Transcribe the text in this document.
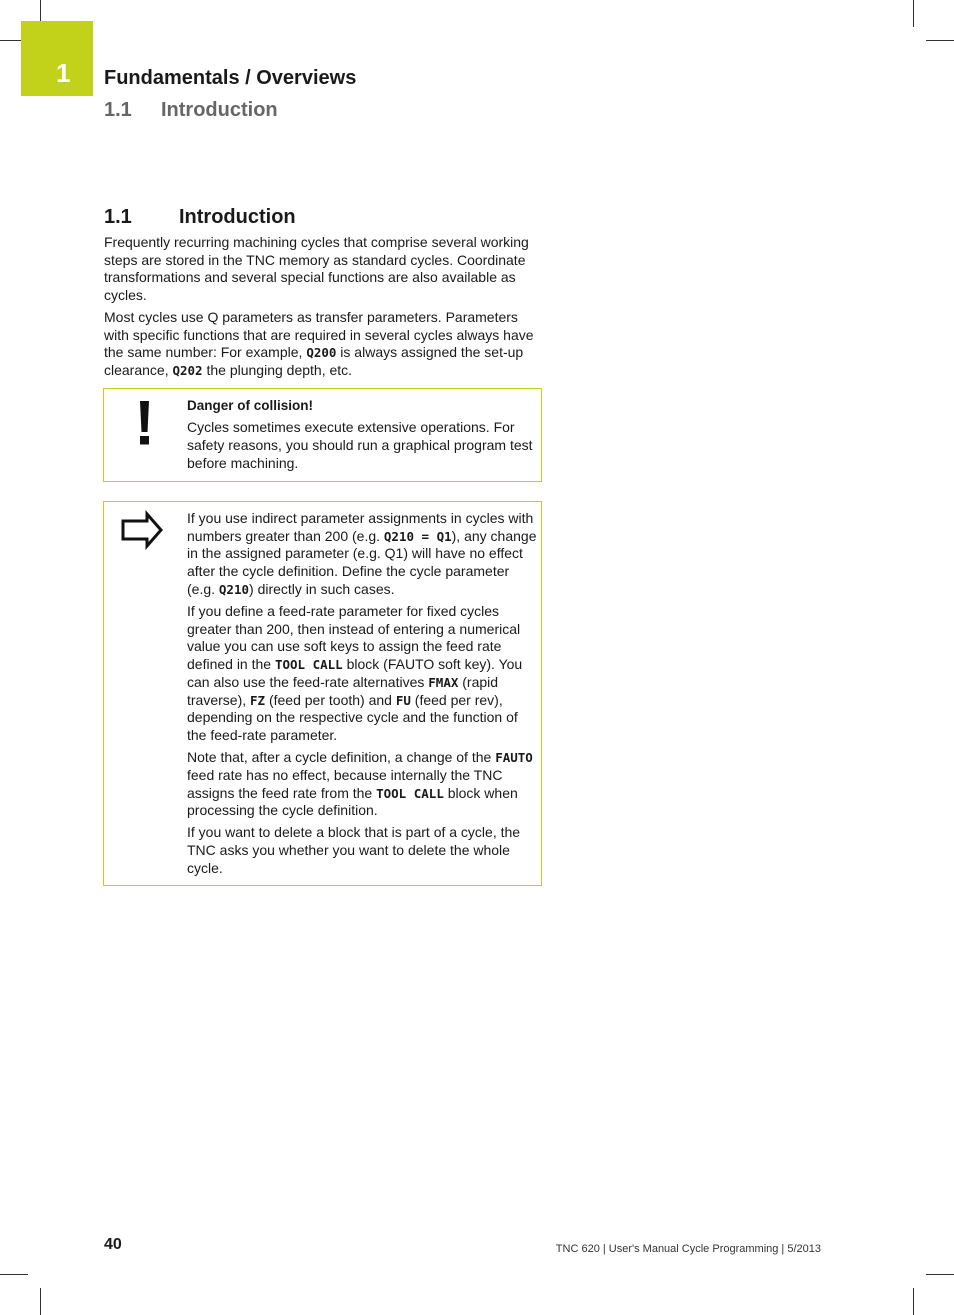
1 Fundamentals / Overviews
1.1 Introduction
1.1 Introduction

Frequently recurring machining cycles that comprise several working steps are stored in the TNC memory as standard cycles. Coordinate transformations and several special functions are also available as cycles.

Most cycles use Q parameters as transfer parameters. Parameters with specific functions that are required in several cycles always have the same number: For example, Q200 is always assigned the set-up clearance, Q202 the plunging depth, etc.

Danger of collision!

Cycles sometimes execute extensive operations. For safety reasons, you should run a graphical program test before machining.

If you use indirect parameter assignments in cycles with numbers greater than 200 (e.g. Q210 = Q1), any change in the assigned parameter (e.g. Q1) will have no effect after the cycle definition. Define the cycle parameter (e.g. Q210) directly in such cases.

If you define a feed-rate parameter for fixed cycles greater than 200, then instead of entering a numerical value you can use soft keys to assign the feed rate defined in the TOOL CALL block (FAUTO soft key). You can also use the feed-rate alternatives FMAX (rapid traverse), FZ (feed per tooth) and FU (feed per rev), depending on the respective cycle and the function of the feed-rate parameter.

Note that, after a cycle definition, a change of the FAUTO feed rate has no effect, because internally the TNC assigns the feed rate from the TOOL CALL block when processing the cycle definition.

If you want to delete a block that is part of a cycle, the TNC asks you whether you want to delete the whole cycle.

40	TNC 620 | User's Manual Cycle Programming | 5/2013
